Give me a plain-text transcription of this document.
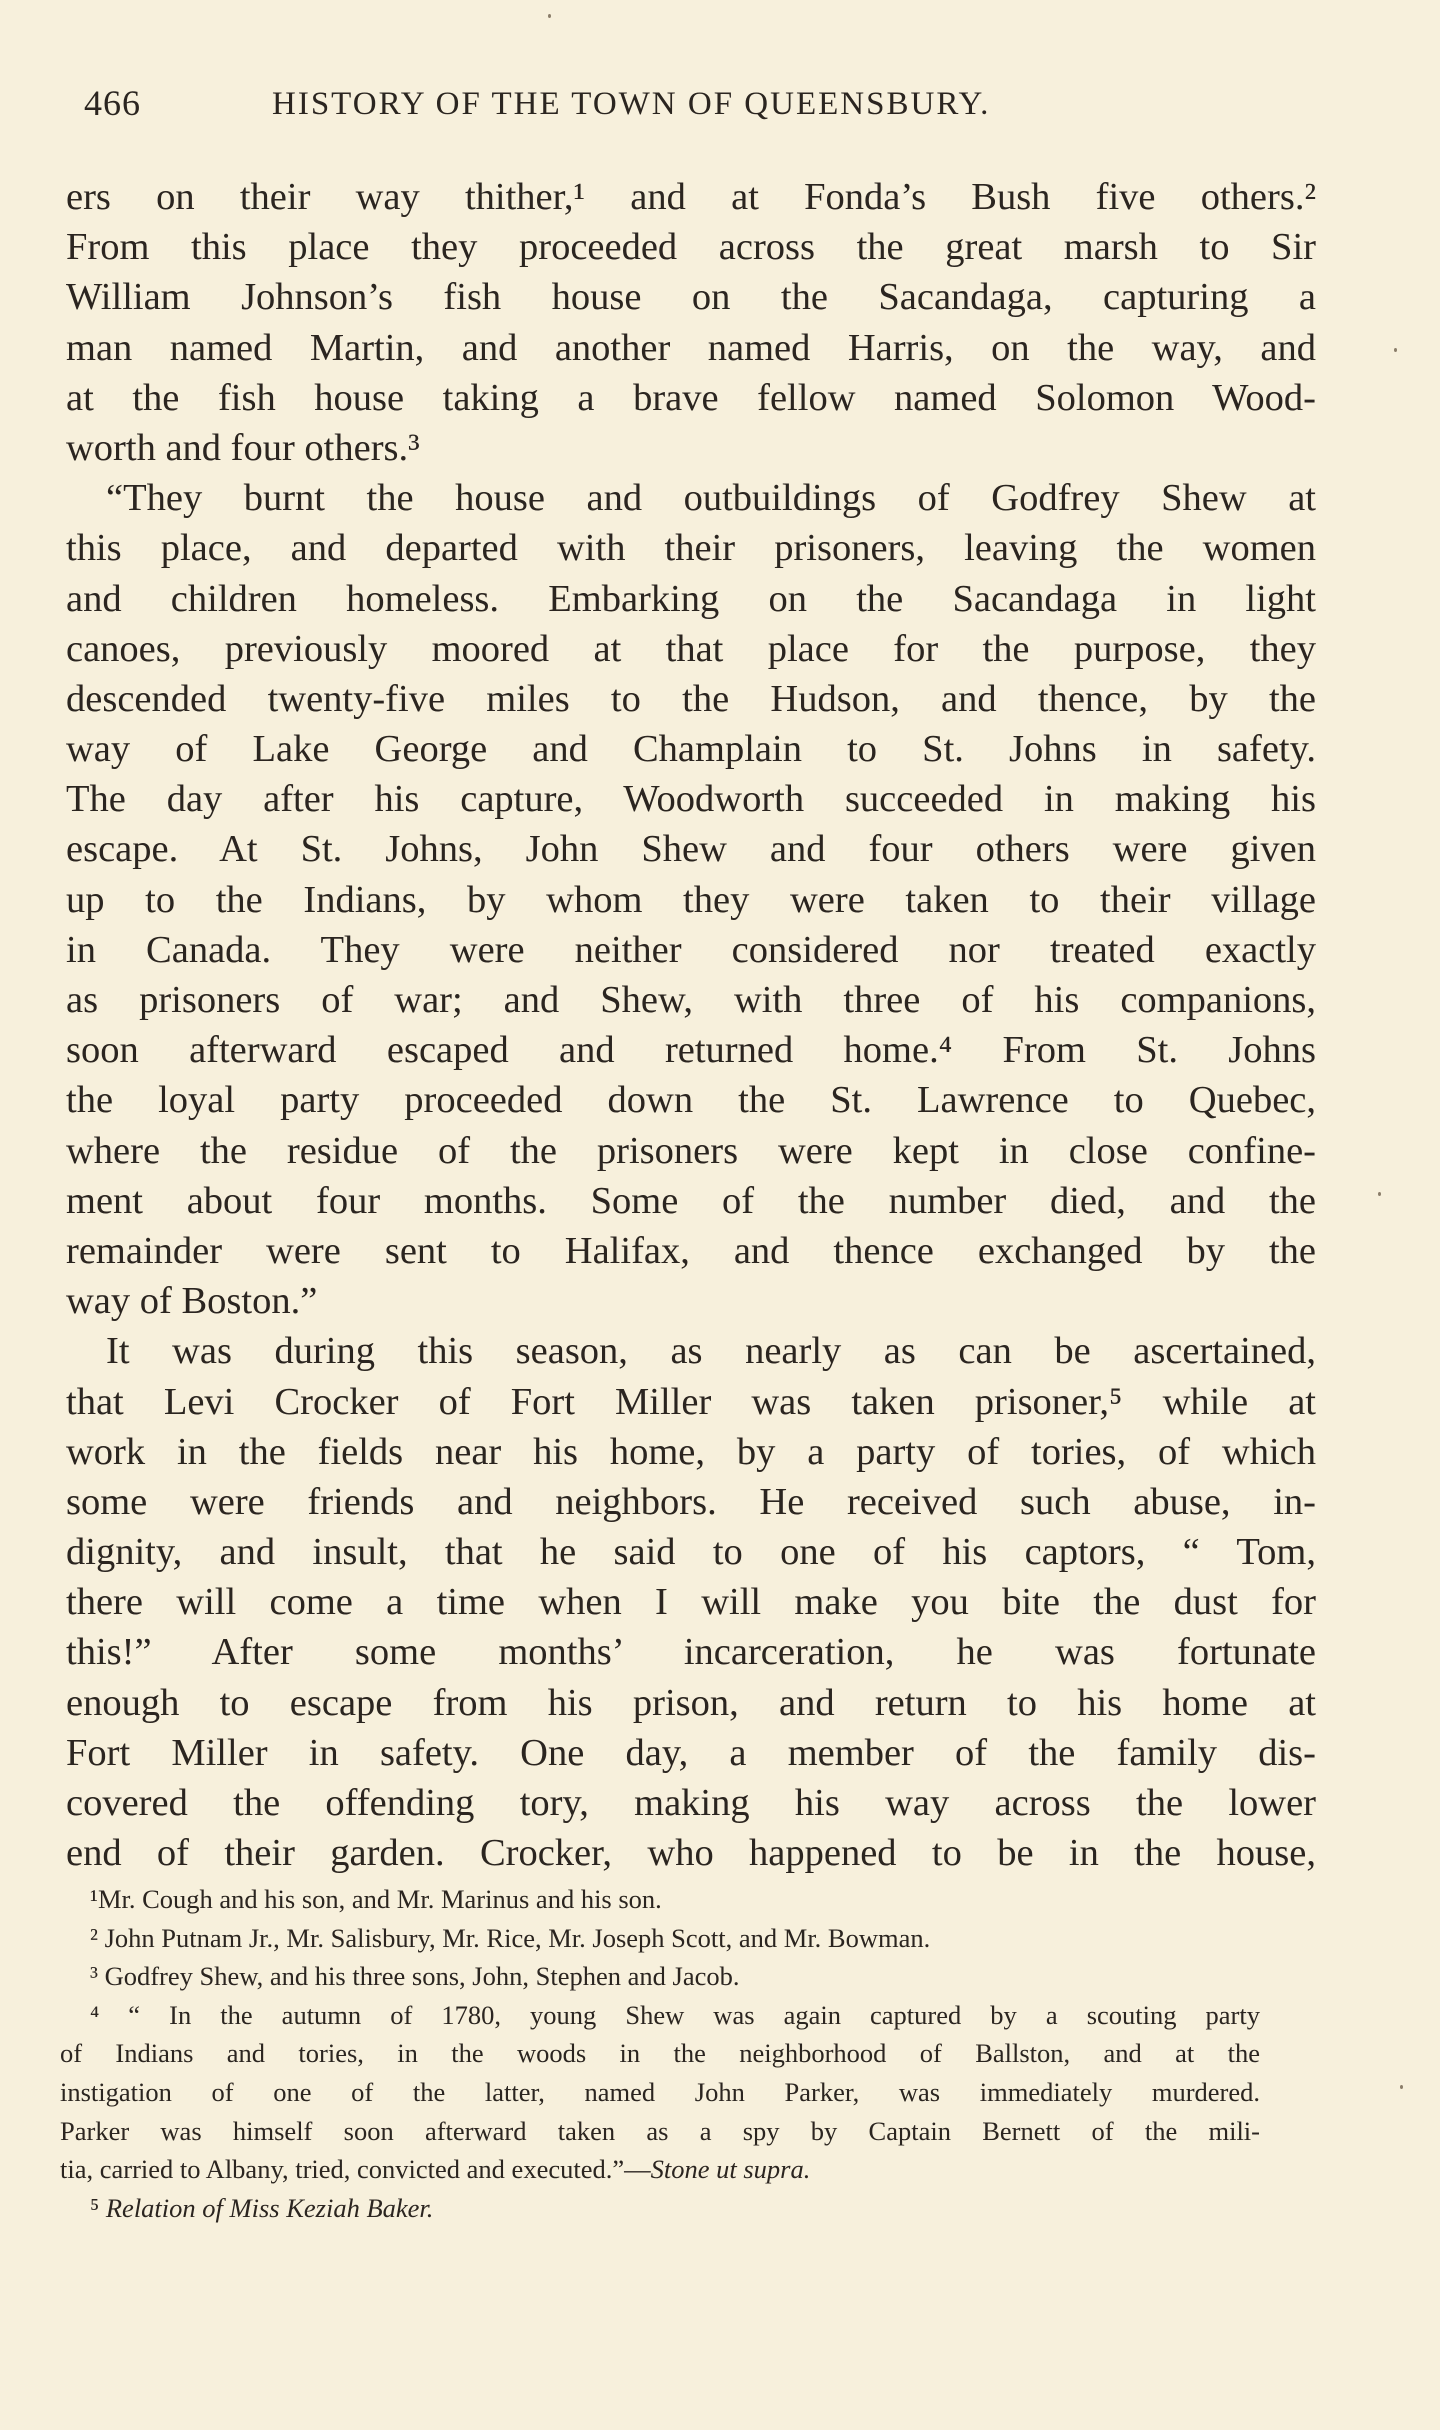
466	HISTORY OF THE TOWN OF QUEENSBURY.
ers on their way thither,¹ and at Fonda’s Bush five others.²
From this place they proceeded across the great marsh to Sir
William Johnson’s fish house on the Sacandaga, capturing a
man named Martin, and another named Harris, on the way, and
at the fish house taking a brave fellow named Solomon Wood-
worth and four others.³
“They burnt the house and outbuildings of Godfrey Shew at
this place, and departed with their prisoners, leaving the women
and children homeless. Embarking on the Sacandaga in light
canoes, previously moored at that place for the purpose, they
descended twenty-five miles to the Hudson, and thence, by the
way of Lake George and Champlain to St. Johns in safety.
The day after his capture, Woodworth succeeded in making his
escape. At St. Johns, John Shew and four others were given
up to the Indians, by whom they were taken to their village
in Canada. They were neither considered nor treated exactly
as prisoners of war; and Shew, with three of his companions,
soon afterward escaped and returned home.⁴ From St. Johns
the loyal party proceeded down the St. Lawrence to Quebec,
where the residue of the prisoners were kept in close confine-
ment about four months. Some of the number died, and the
remainder were sent to Halifax, and thence exchanged by the
way of Boston.”
It was during this season, as nearly as can be ascertained,
that Levi Crocker of Fort Miller was taken prisoner,⁵ while at
work in the fields near his home, by a party of tories, of which
some were friends and neighbors. He received such abuse, in-
dignity, and insult, that he said to one of his captors, “ Tom,
there will come a time when I will make you bite the dust for
this!” After some months’ incarceration, he was fortunate
enough to escape from his prison, and return to his home at
Fort Miller in safety. One day, a member of the family dis-
covered the offending tory, making his way across the lower
end of their garden. Crocker, who happened to be in the house,
¹Mr. Cough and his son, and Mr. Marinus and his son.
² John Putnam Jr., Mr. Salisbury, Mr. Rice, Mr. Joseph Scott, and Mr. Bowman.
³ Godfrey Shew, and his three sons, John, Stephen and Jacob.
⁴ “ In the autumn of 1780, young Shew was again captured by a scouting party
of Indians and tories, in the woods in the neighborhood of Ballston, and at the
instigation of one of the latter, named John Parker, was immediately murdered.
Parker was himself soon afterward taken as a spy by Captain Bernett of the mili-
tia, carried to Albany, tried, convicted and executed.”—Stone ut supra.
⁵ Relation of Miss Keziah Baker.
